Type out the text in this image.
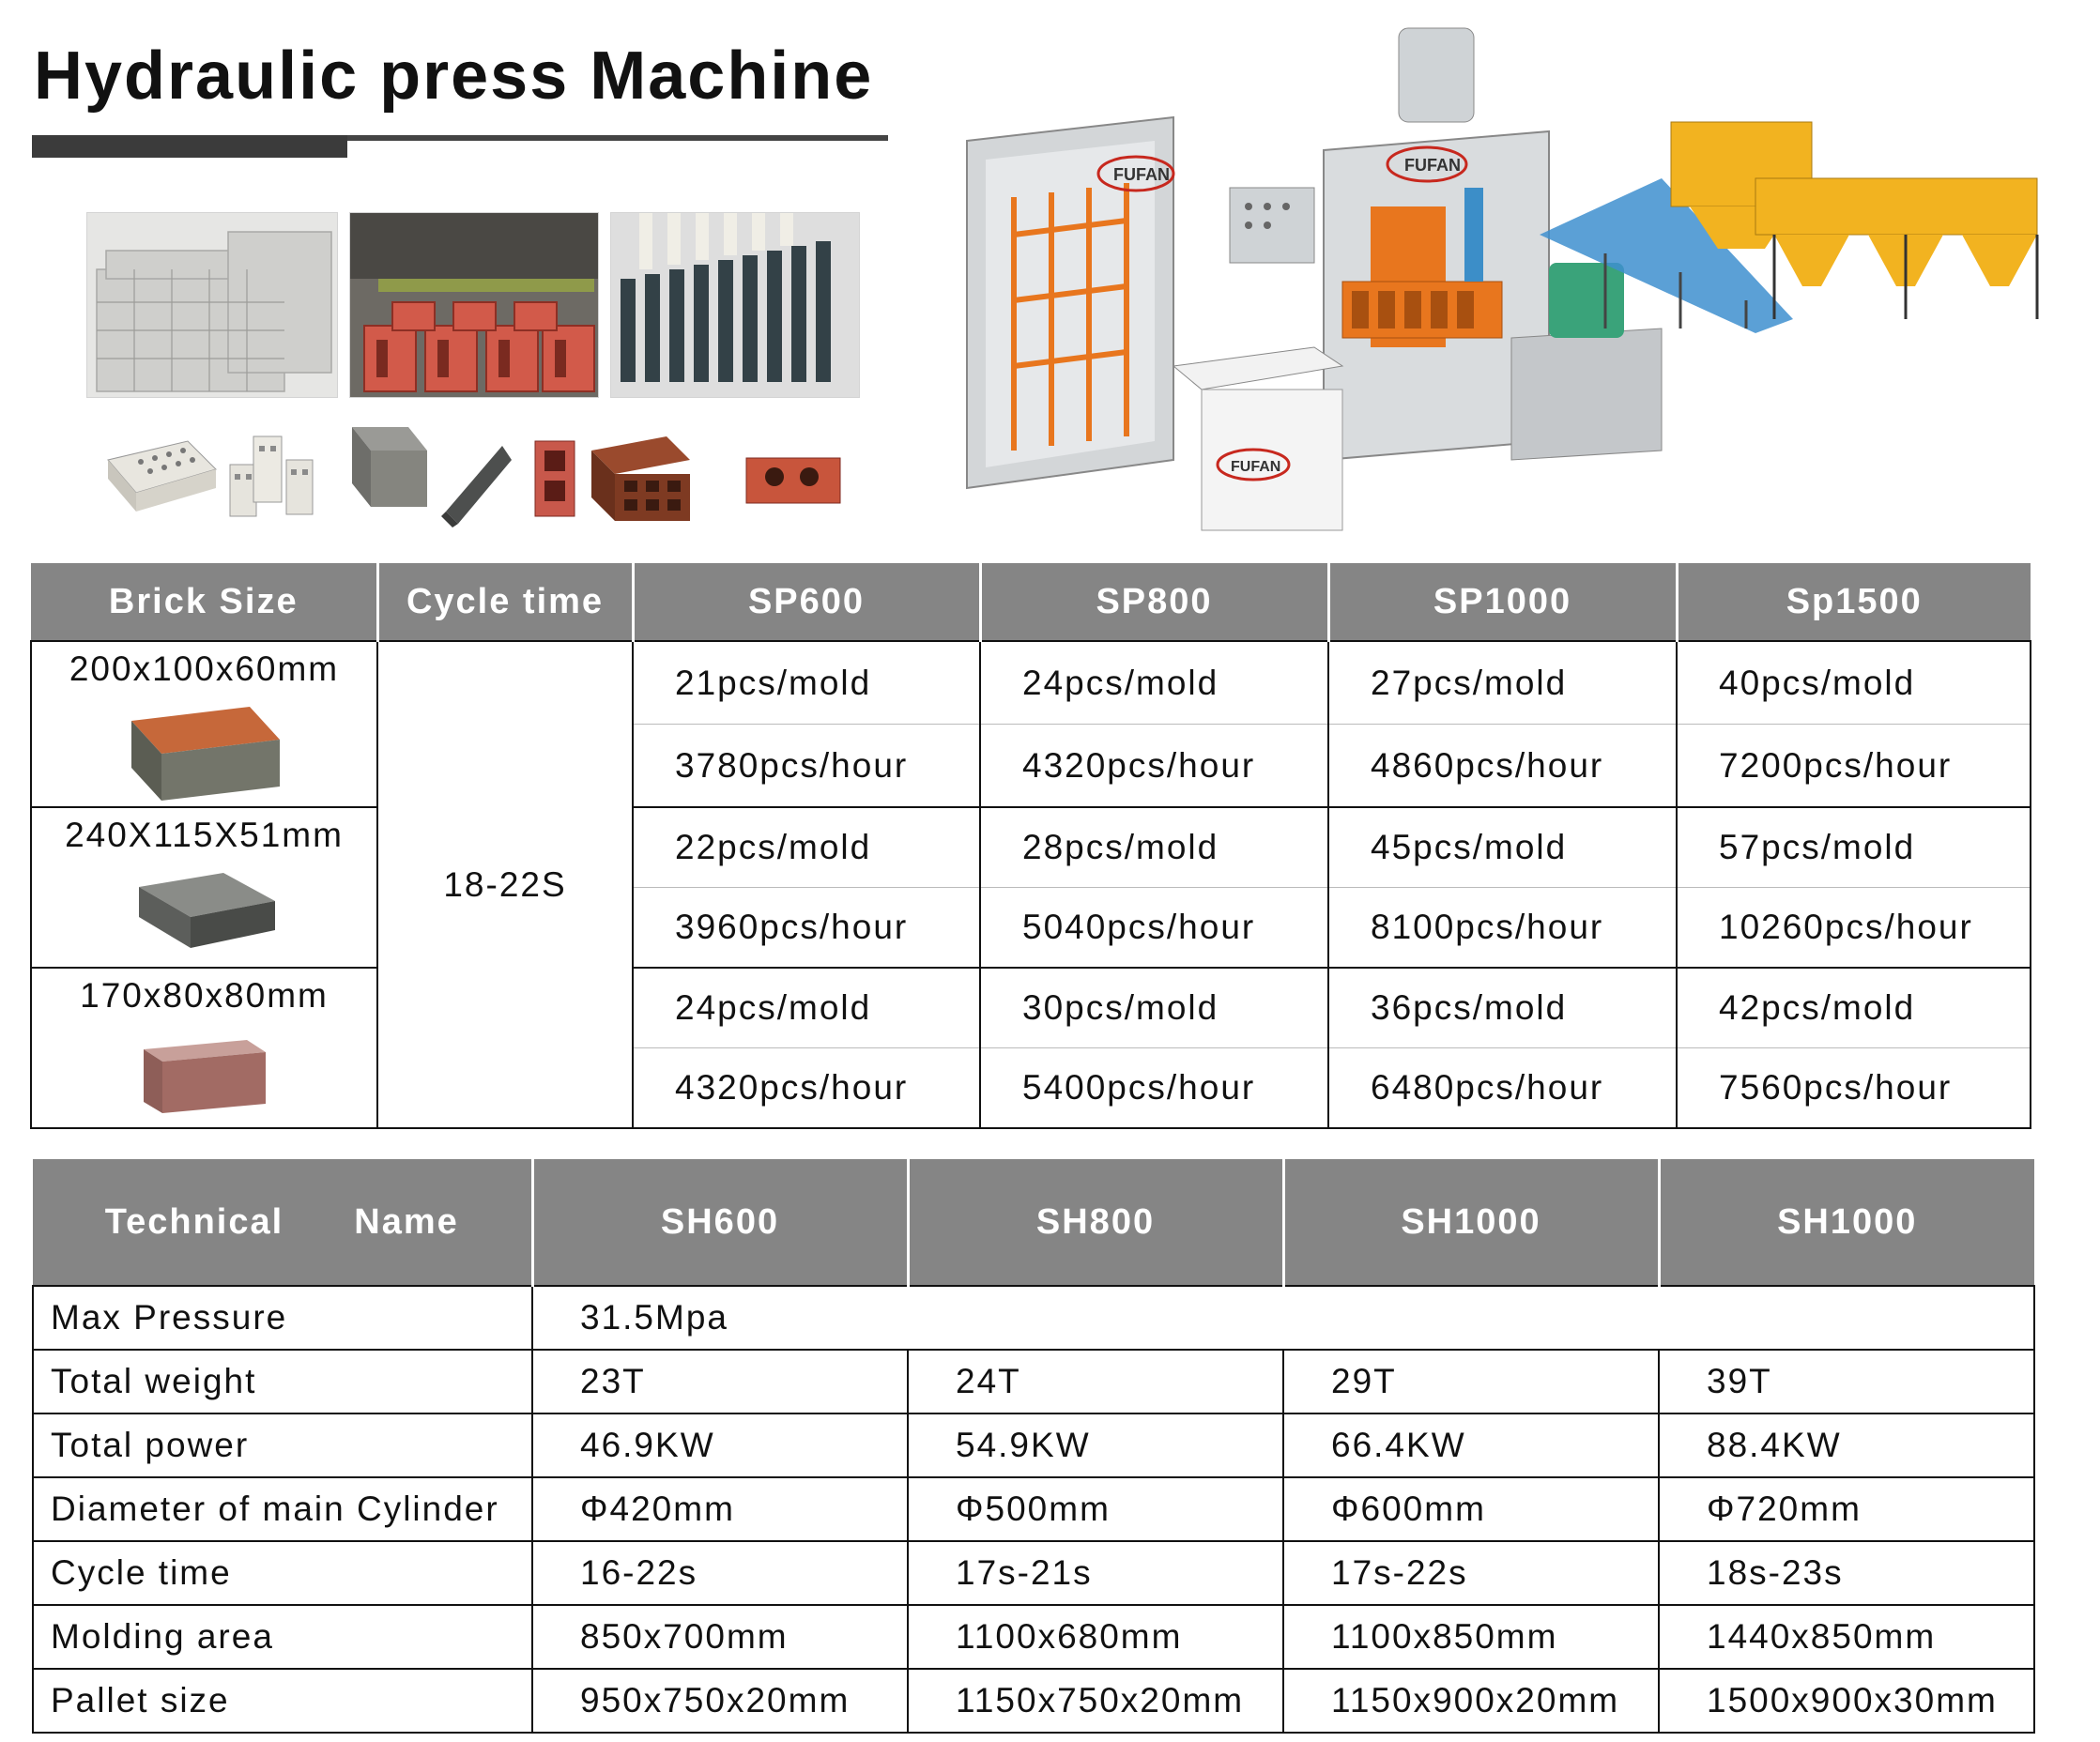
Hydraulic press Machine
FUFAN	FUFAN
FUFAN
Brick Size	Cycle time	SP600	SP800	SP1000	Sp1500
200x100x60mm	18-22S	21pcs/mold	24pcs/mold	27pcs/mold	40pcs/mold
		3780pcs/hour	4320pcs/hour	4860pcs/hour	7200pcs/hour
240X115X51mm		22pcs/mold	28pcs/mold	45pcs/mold	57pcs/mold
		3960pcs/hour	5040pcs/hour	8100pcs/hour	10260pcs/hour
170x80x80mm		24pcs/mold	30pcs/mold	36pcs/mold	42pcs/mold
		4320pcs/hour	5400pcs/hour	6480pcs/hour	7560pcs/hour
Technical Name	SH600	SH800	SH1000	SH1000
Max Pressure	31.5Mpa			
Total weight	23T	24T	29T	39T
Total power	46.9KW	54.9KW	66.4KW	88.4KW
Diameter of main Cylinder	Φ420mm	Φ500mm	Φ600mm	Φ720mm
Cycle time	16-22s	17s-21s	17s-22s	18s-23s
Molding area	850x700mm	1100x680mm	1100x850mm	1440x850mm
Pallet size	950x750x20mm	1150x750x20mm	1150x900x20mm	1500x900x30mm
